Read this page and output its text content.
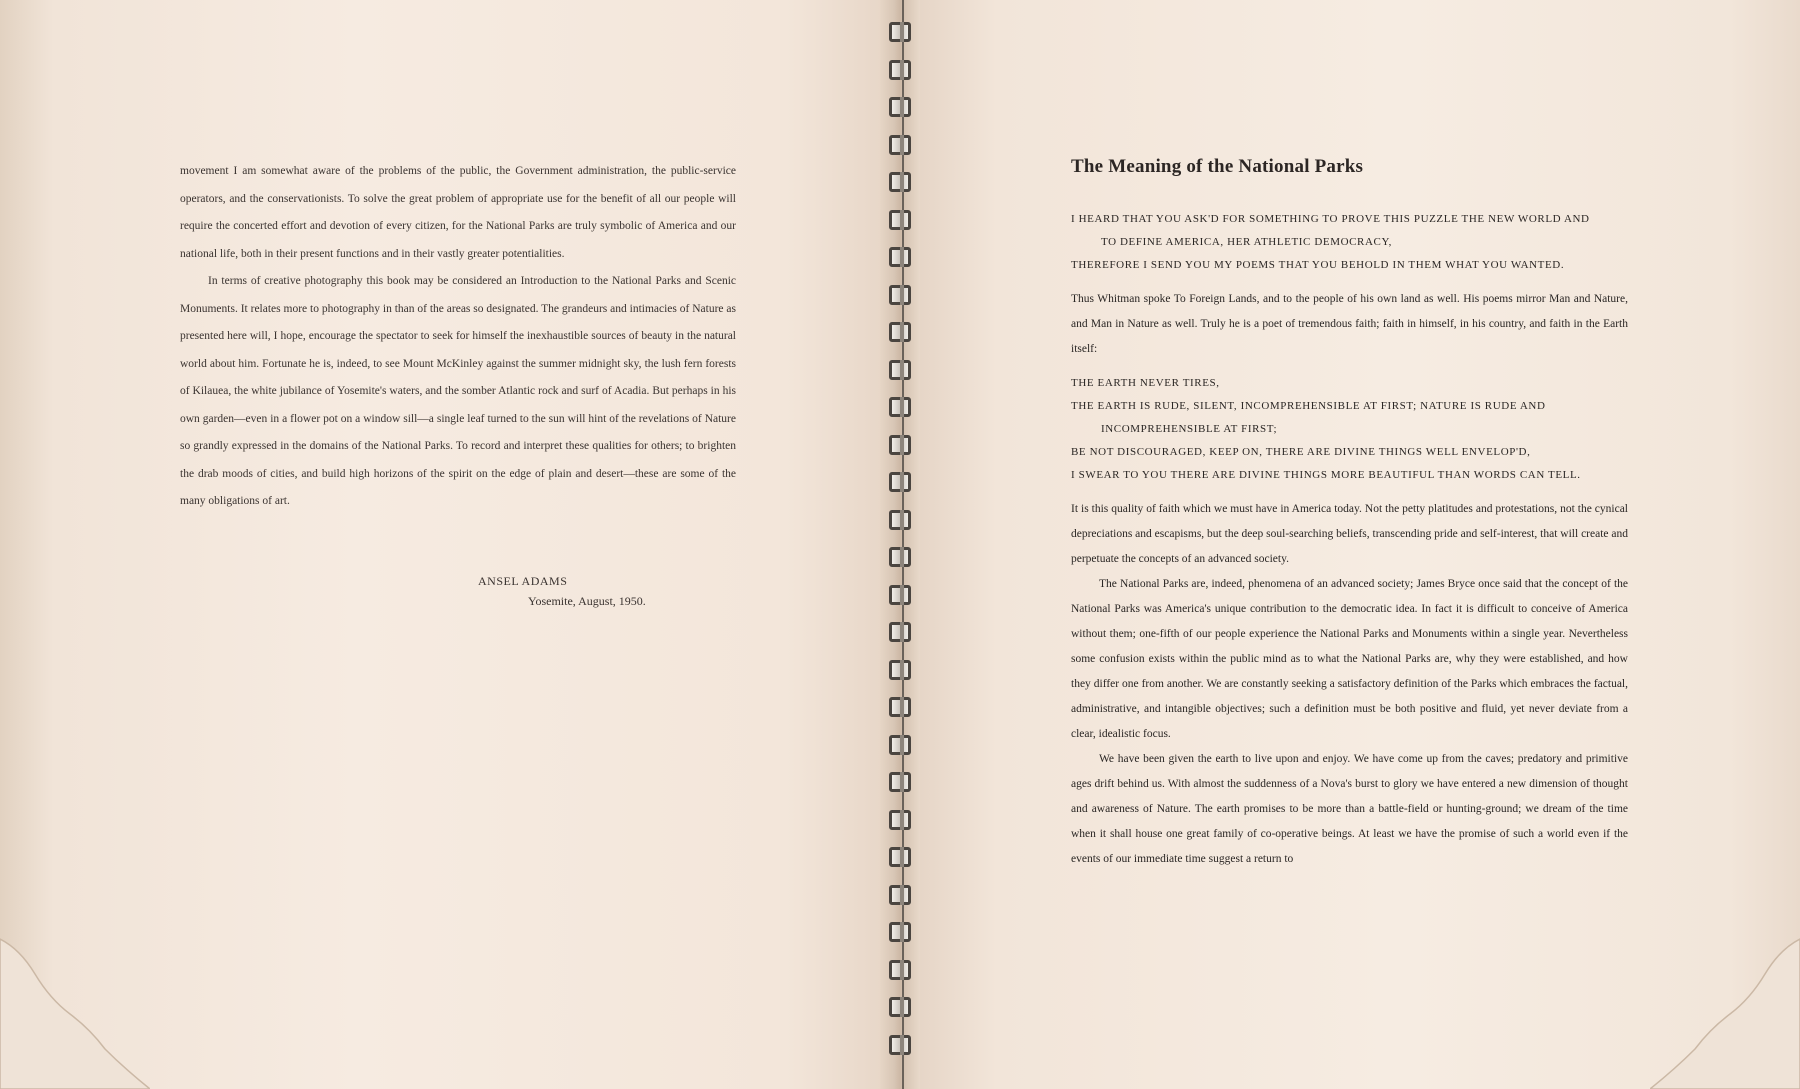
movement I am somewhat aware of the problems of the public, the Government administration, the public-service operators, and the conservationists. To solve the great problem of appropriate use for the benefit of all our people will require the concerted effort and devotion of every citizen, for the National Parks are truly symbolic of America and our national life, both in their present functions and in their vastly greater potentialities.

In terms of creative photography this book may be considered an Introduction to the National Parks and Scenic Monuments. It relates more to photography in than of the areas so designated. The grandeurs and intimacies of Nature as presented here will, I hope, encourage the spectator to seek for himself the inexhaustible sources of beauty in the natural world about him. Fortunate he is, indeed, to see Mount McKinley against the summer midnight sky, the lush fern forests of Kilauea, the white jubilance of Yosemite's waters, and the somber Atlantic rock and surf of Acadia. But perhaps in his own garden—even in a flower pot on a window sill—a single leaf turned to the sun will hint of the revelations of Nature so grandly expressed in the domains of the National Parks. To record and interpret these qualities for others; to brighten the drab moods of cities, and build high horizons of the spirit on the edge of plain and desert—these are some of the many obligations of art.

ANSEL ADAMS
Yosemite, August, 1950.
The Meaning of the National Parks
I HEARD THAT YOU ASK'D FOR SOMETHING TO PROVE THIS PUZZLE THE NEW WORLD AND
TO DEFINE AMERICA, HER ATHLETIC DEMOCRACY,
THEREFORE I SEND YOU MY POEMS THAT YOU BEHOLD IN THEM WHAT YOU WANTED.

Thus Whitman spoke To Foreign Lands, and to the people of his own land as well. His poems mirror Man and Nature, and Man in Nature as well. Truly he is a poet of tremendous faith; faith in himself, in his country, and faith in the Earth itself:

THE EARTH NEVER TIRES,
THE EARTH IS RUDE, SILENT, INCOMPREHENSIBLE AT FIRST; NATURE IS RUDE AND
INCOMPREHENSIBLE AT FIRST;
BE NOT DISCOURAGED, KEEP ON, THERE ARE DIVINE THINGS WELL ENVELOP'D,
I SWEAR TO YOU THERE ARE DIVINE THINGS MORE BEAUTIFUL THAN WORDS CAN TELL.

It is this quality of faith which we must have in America today. Not the petty platitudes and protestations, not the cynical depreciations and escapisms, but the deep soul-searching beliefs, transcending pride and self-interest, that will create and perpetuate the concepts of an advanced society.

The National Parks are, indeed, phenomena of an advanced society; James Bryce once said that the concept of the National Parks was America's unique contribution to the democratic idea. In fact it is difficult to conceive of America without them; one-fifth of our people experience the National Parks and Monuments within a single year. Nevertheless some confusion exists within the public mind as to what the National Parks are, why they were established, and how they differ one from another. We are constantly seeking a satisfactory definition of the Parks which embraces the factual, administrative, and intangible objectives; such a definition must be both positive and fluid, yet never deviate from a clear, idealistic focus.

We have been given the earth to live upon and enjoy. We have come up from the caves; predatory and primitive ages drift behind us. With almost the suddenness of a Nova's burst to glory we have entered a new dimension of thought and awareness of Nature. The earth promises to be more than a battle-field or hunting-ground; we dream of the time when it shall house one great family of co-operative beings. At least we have the promise of such a world even if the events of our immediate time suggest a return to
